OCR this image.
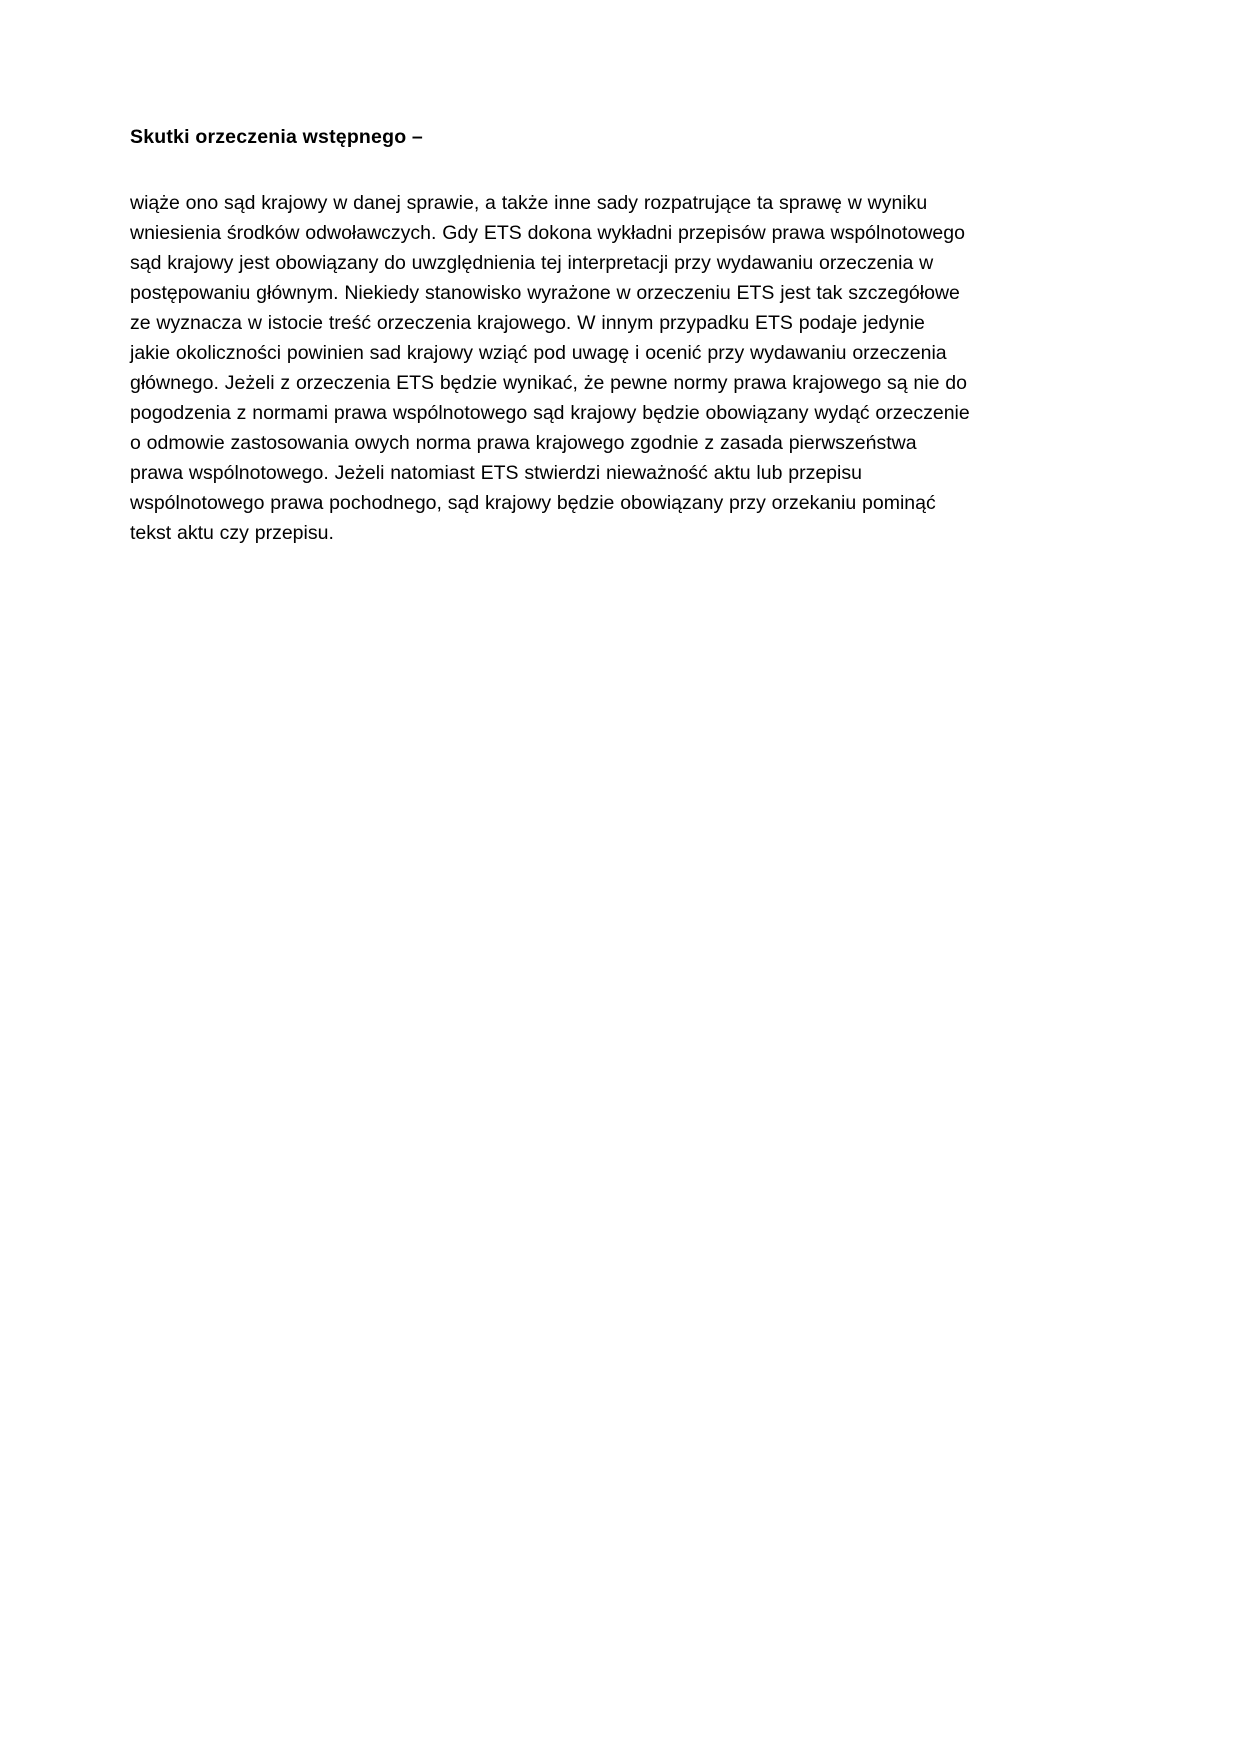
Skutki orzeczenia wstępnego –

wiąże ono sąd krajowy w danej sprawie, a także inne sady rozpatrujące ta sprawę w wyniku wniesienia środków odwoławczych. Gdy ETS dokona wykładni przepisów prawa wspólnotowego sąd krajowy jest obowiązany do uwzględnienia tej interpretacji przy wydawaniu orzeczenia w postępowaniu głównym. Niekiedy stanowisko wyrażone w orzeczeniu ETS jest tak szczegółowe ze wyznacza w istocie treść orzeczenia krajowego. W innym przypadku ETS podaje jedynie jakie okoliczności powinien sad krajowy wziąć pod uwagę i ocenić przy wydawaniu orzeczenia głównego. Jeżeli z orzeczenia ETS będzie wynikać, że pewne normy prawa krajowego są nie do pogodzenia z normami prawa wspólnotowego sąd krajowy będzie obowiązany wydąć orzeczenie o odmowie zastosowania owych norma prawa krajowego zgodnie z zasada pierwszeństwa prawa wspólnotowego. Jeżeli natomiast ETS stwierdzi nieważność aktu lub przepisu wspólnotowego prawa pochodnego, sąd krajowy będzie obowiązany przy orzekaniu pominąć tekst aktu czy przepisu.
